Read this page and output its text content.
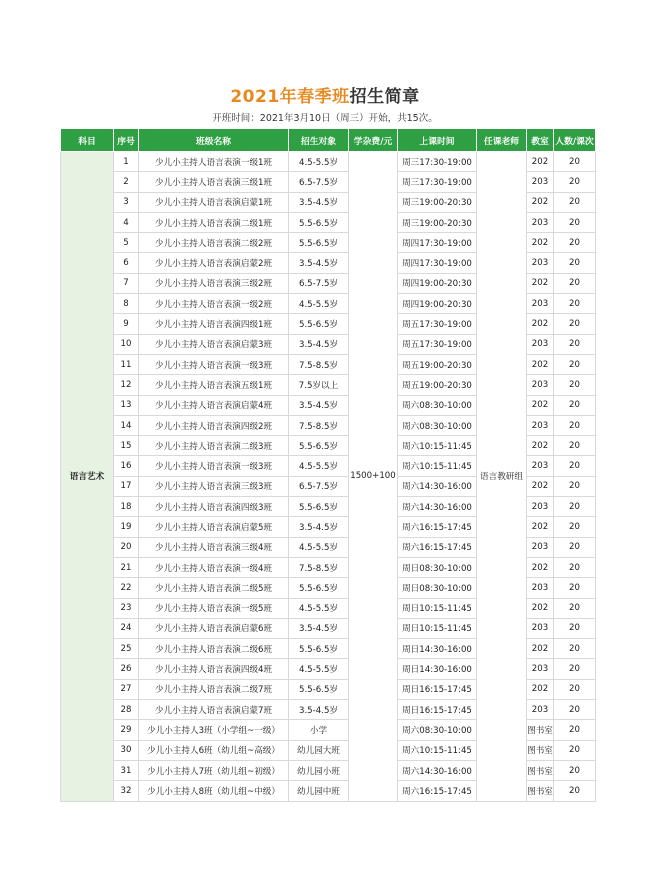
2021年春季班招生简章
开班时间：2021年3月10日（周三）开始，共15次。
科目	序号	班级名称	招生对象	学杂费/元	上课时间	任课老师	教室	人数/课次
语言艺术	1	少儿小主持人语言表演一级1班	4.5-5.5岁	1500+100	周三17:30-19:00	语言教研组	202	20
	2	少儿小主持人语言表演三级1班	6.5-7.5岁		周三17:30-19:00		203	20
	3	少儿小主持人语言表演启蒙1班	3.5-4.5岁		周三19:00-20:30		202	20
	4	少儿小主持人语言表演二级1班	5.5-6.5岁		周三19:00-20:30		203	20
	5	少儿小主持人语言表演二级2班	5.5-6.5岁		周四17:30-19:00		202	20
	6	少儿小主持人语言表演启蒙2班	3.5-4.5岁		周四17:30-19:00		203	20
	7	少儿小主持人语言表演三级2班	6.5-7.5岁		周四19:00-20:30		202	20
	8	少儿小主持人语言表演一级2班	4.5-5.5岁		周四19:00-20:30		203	20
	9	少儿小主持人语言表演四级1班	5.5-6.5岁		周五17:30-19:00		202	20
	10	少儿小主持人语言表演启蒙3班	3.5-4.5岁		周五17:30-19:00		203	20
	11	少儿小主持人语言表演一级3班	7.5-8.5岁		周五19:00-20:30		202	20
	12	少儿小主持人语言表演五级1班	7.5岁以上		周五19:00-20:30		203	20
	13	少儿小主持人语言表演启蒙4班	3.5-4.5岁		周六08:30-10:00		202	20
	14	少儿小主持人语言表演四级2班	7.5-8.5岁		周六08:30-10:00		203	20
	15	少儿小主持人语言表演二级3班	5.5-6.5岁		周六10:15-11:45		202	20
	16	少儿小主持人语言表演一级3班	4.5-5.5岁		周六10:15-11:45		203	20
	17	少儿小主持人语言表演三级3班	6.5-7.5岁		周六14:30-16:00		202	20
	18	少儿小主持人语言表演四级3班	5.5-6.5岁		周六14:30-16:00		203	20
	19	少儿小主持人语言表演启蒙5班	3.5-4.5岁		周六16:15-17:45		202	20
	20	少儿小主持人语言表演三级4班	4.5-5.5岁		周六16:15-17:45		203	20
	21	少儿小主持人语言表演一级4班	7.5-8.5岁		周日08:30-10:00		202	20
	22	少儿小主持人语言表演二级5班	5.5-6.5岁		周日08:30-10:00		203	20
	23	少儿小主持人语言表演一级5班	4.5-5.5岁		周日10:15-11:45		202	20
	24	少儿小主持人语言表演启蒙6班	3.5-4.5岁		周日10:15-11:45		203	20
	25	少儿小主持人语言表演二级6班	5.5-6.5岁		周日14:30-16:00		202	20
	26	少儿小主持人语言表演四级4班	4.5-5.5岁		周日14:30-16:00		203	20
	27	少儿小主持人语言表演二级7班	5.5-6.5岁		周日16:15-17:45		202	20
	28	少儿小主持人语言表演启蒙7班	3.5-4.5岁		周日16:15-17:45		203	20
	29	少儿小主持人3班（小学组~一级）	小学		周六08:30-10:00		图书室	20
	30	少儿小主持人6班（幼儿组~高级）	幼儿园大班		周六10:15-11:45		图书室	20
	31	少儿小主持人7班（幼儿组~初级）	幼儿园小班		周六14:30-16:00		图书室	20
	32	少儿小主持人8班（幼儿组~中级）	幼儿园中班		周六16:15-17:45		图书室	20
